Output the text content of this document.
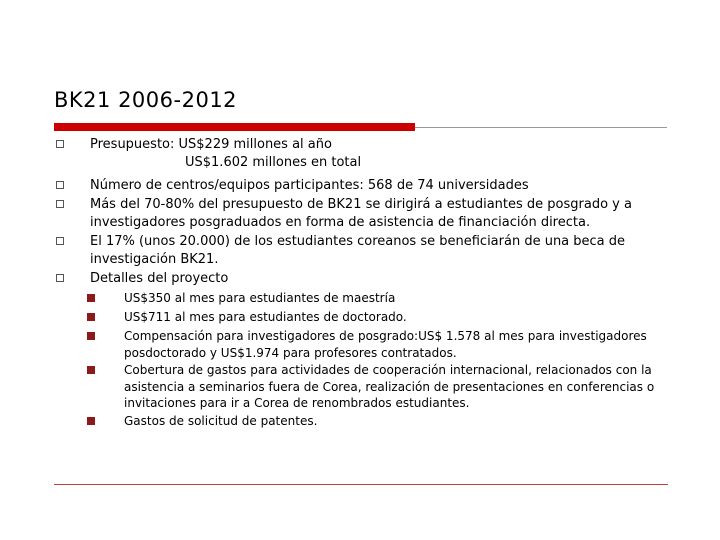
BK21 2006-2012
Presupuesto: US$229 millones al año
US$1.602 millones en total
Número de centros/equipos participantes: 568 de 74 universidades
Más del 70-80% del presupuesto de BK21 se dirigirá a estudiantes de posgrado y a investigadores posgraduados en forma de asistencia de financiación directa.
El 17% (unos 20.000) de los estudiantes coreanos se beneficiarán de una beca de investigación BK21.
Detalles del proyecto
US$350 al mes para estudiantes de maestría
US$711 al mes para estudiantes de doctorado.
Compensación para investigadores de posgrado:US$ 1.578 al mes para investigadores posdoctorado y US$1.974 para profesores contratados.
Cobertura de gastos para actividades de cooperación internacional, relacionados con la asistencia a seminarios fuera de Corea, realización de presentaciones en conferencias o invitaciones para ir a Corea de renombrados estudiantes.
Gastos de solicitud de patentes.
